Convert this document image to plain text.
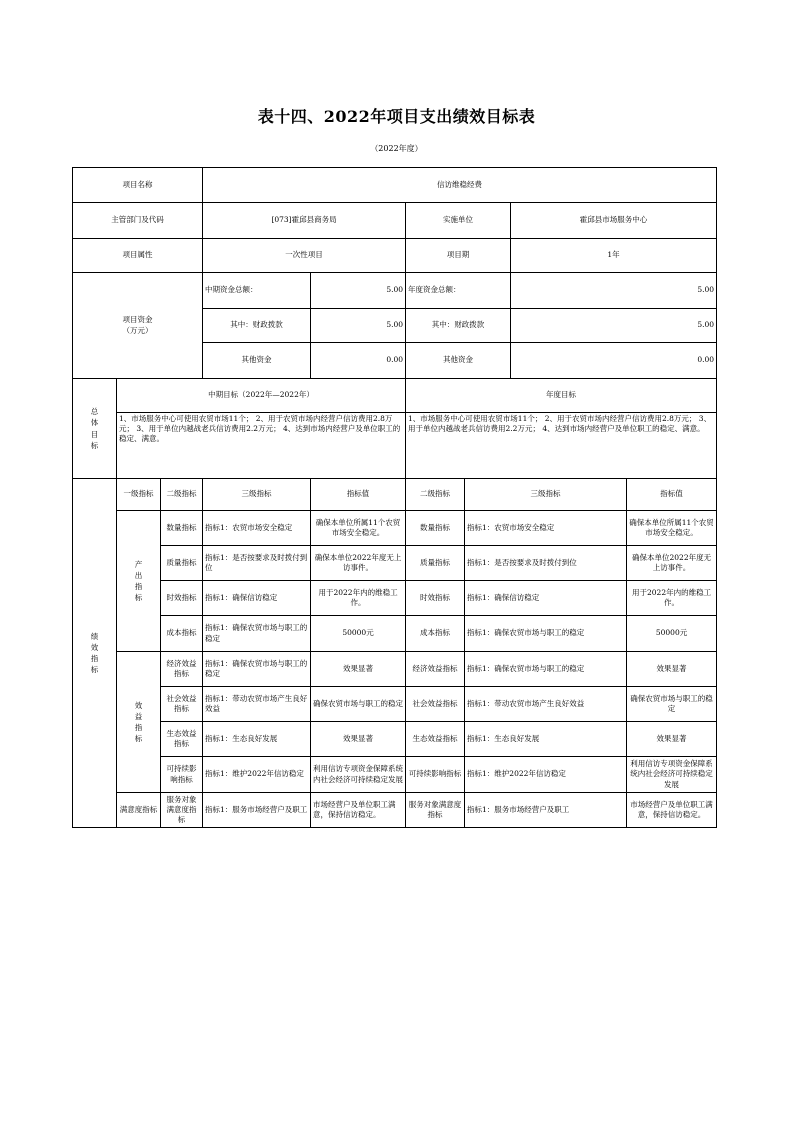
表十四、2022年项目支出绩效目标表
（2022年度）
项目名称			信访维稳经费					
主管部门及代码			[073]霍邱县商务局		实施单位		霍邱县市场服务中心	
项目属性			一次性项目		项目期		1年	
项目资金
（万元）			中期资金总额：	5.00	年度资金总额：		5.00	
			其中：财政拨款	5.00	其中：财政拨款		5.00	
			其他资金	0.00	其他资金		0.00	
总体目标	中期目标（2022年—2022年）				年度目标			
	1、市场服务中心可使用农贸市场11个； 2、用于农贸市场内经营户信访费用2.8万元； 3、用于单位内越战老兵信访费用2.2万元； 4、达到市场内经营户及单位职工的稳定、满意。				1、市场服务中心可使用农贸市场11个； 2、用于农贸市场内经营户信访费用2.8万元； 3、用于单位内越战老兵信访费用2.2万元； 4、达到市场内经营户及单位职工的稳定、满意。			
绩效指标	一级指标	二级指标	三级指标	指标值	二级指标	三级指标		指标值
	产出指标	数量指标	指标1：农贸市场安全稳定	确保本单位所属11个农贸市场安全稳定。	数量指标	指标1：农贸市场安全稳定		确保本单位所属11个农贸市场安全稳定。
		质量指标	指标1：是否按要求及时拨付到位	确保本单位2022年度无上访事件。	质量指标	指标1：是否按要求及时拨付到位		确保本单位2022年度无上访事件。
		时效指标	指标1：确保信访稳定	用于2022年内的维稳工作。	时效指标	指标1：确保信访稳定		用于2022年内的维稳工作。
		成本指标	指标1：确保农贸市场与职工的稳定	50000元	成本指标	指标1：确保农贸市场与职工的稳定		50000元
	效益指标	经济效益指标	指标1：确保农贸市场与职工的稳定	效果显著	经济效益指标	指标1：确保农贸市场与职工的稳定		效果显著
		社会效益指标	指标1：带动农贸市场产生良好效益	确保农贸市场与职工的稳定	社会效益指标	指标1：带动农贸市场产生良好效益		确保农贸市场与职工的稳定
		生态效益指标	指标1：生态良好发展	效果显著	生态效益指标	指标1：生态良好发展		效果显著
		可持续影响指标	指标1：维护2022年信访稳定	利用信访专项资金保障系统内社会经济可持续稳定发展	可持续影响指标	指标1：维护2022年信访稳定		利用信访专项资金保障系统内社会经济可持续稳定发展
	满意度指标	服务对象满意度指标	指标1：服务市场经营户及职工	市场经营户及单位职工满意，保持信访稳定。	服务对象满意度指标	指标1：服务市场经营户及职工		市场经营户及单位职工满意，保持信访稳定。
